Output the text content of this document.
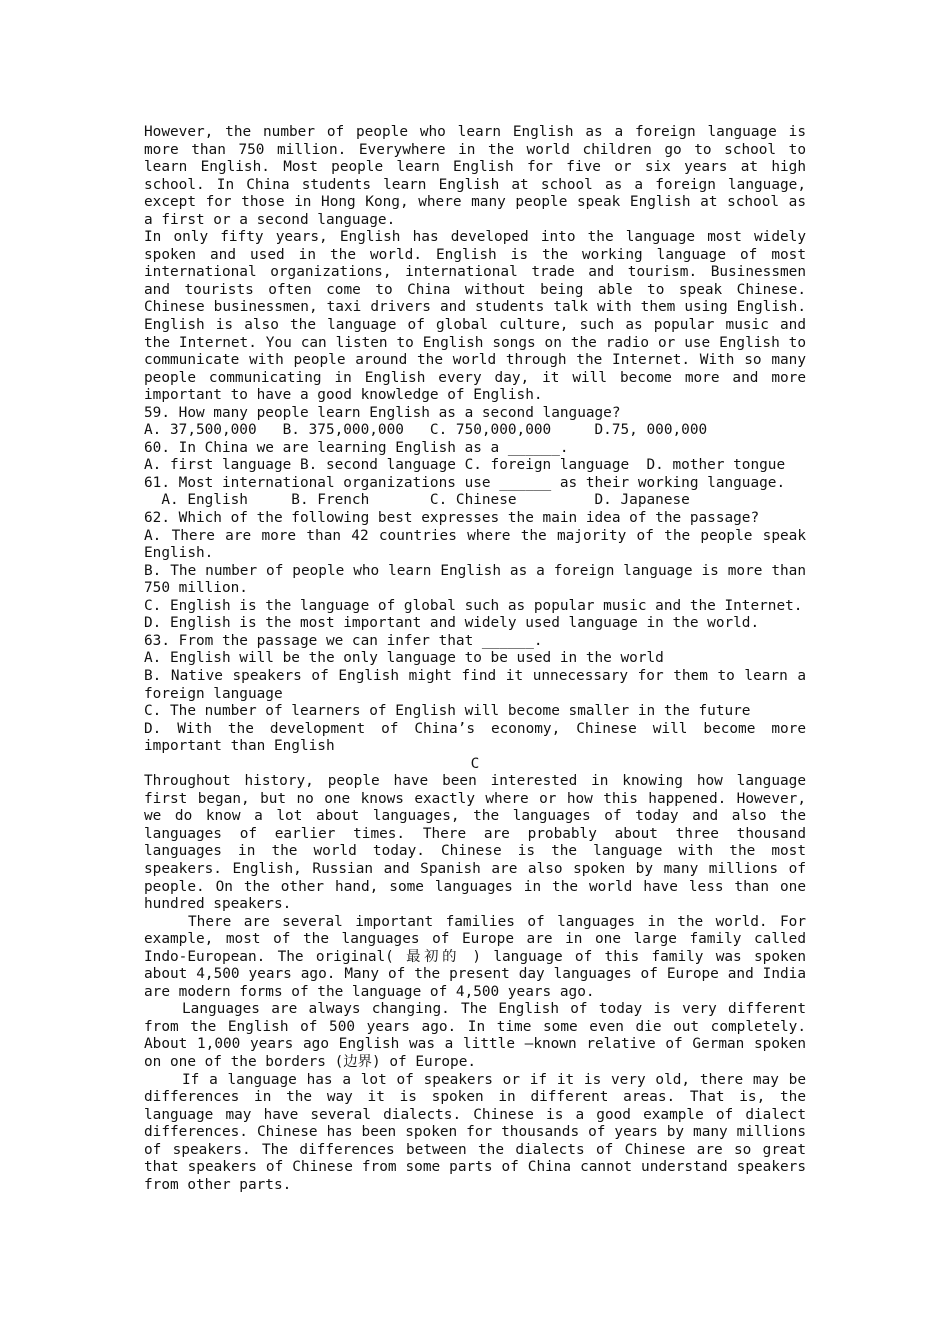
However, the number of people who learn English as a foreign language is more than 750 million. Everywhere in the world children go to school to learn English. Most people learn English for five or six years at high school. In China students learn English at school as a foreign language, except for those in Hong Kong, where many people speak English at school as a first or a second language.

In only fifty years, English has developed into the language most widely spoken and used in the world. English is the working language of most international organizations, international trade and tourism. Businessmen and tourists often come to China without being able to speak Chinese. Chinese businessmen, taxi drivers and students talk with them using English. English is also the language of global culture, such as popular music and the Internet. You can listen to English songs on the radio or use English to communicate with people around the world through the Internet. With so many people communicating in English every day, it will become more and more important to have a good knowledge of English.

59. How many people learn English as a second language?

A. 37,500,000   B. 375,000,000   C. 750,000,000     D.75, 000,000

60. In China we are learning English as a ______.

A. first language B. second language C. foreign language  D. mother tongue

61. Most international organizations use ______ as their working language.

A. English     B. French       C. Chinese         D. Japanese

62. Which of the following best expresses the main idea of the passage?

A. There are more than 42 countries where the majority of the people speak English.

B. The number of people who learn English as a foreign language is more than 750 million.

C. English is the language of global such as popular music and the Internet.

D. English is the most important and widely used language in the world.

63. From the passage we can infer that ______.

A. English will be the only language to be used in the world

B. Native speakers of English might find it unnecessary for them to learn a foreign language

C. The number of learners of English will become smaller in the future

D. With the development of China’s economy, Chinese will become more important than English

C

Throughout history, people have been interested in knowing how language first began, but no one knows exactly where or how this happened. However, we do know a lot about languages, the languages of today and also the languages of earlier times. There are probably about three thousand languages in the world today. Chinese is the language with the most speakers. English, Russian and Spanish are also spoken by many millions of people. On the other hand, some languages in the world have less than one hundred speakers.

There are several important families of languages in the world. For example, most of the languages of Europe are in one large family called Indo-European. The original( 最初的 ) language of this family was spoken about 4,500 years ago. Many of the present day languages of Europe and India are modern forms of the language of 4,500 years ago.

Languages are always changing. The English of today is very different from the English of 500 years ago. In time some even die out completely. About 1,000 years ago English was a little –known relative of German spoken on one of the borders (边界) of Europe.

If a language has a lot of speakers or if it is very old, there may be differences in the way it is spoken in different areas. That is, the language may have several dialects. Chinese is a good example of dialect differences. Chinese has been spoken for thousands of years by many millions of speakers. The differences between the dialects of Chinese are so great that speakers of Chinese from some parts of China cannot understand speakers from other parts.
